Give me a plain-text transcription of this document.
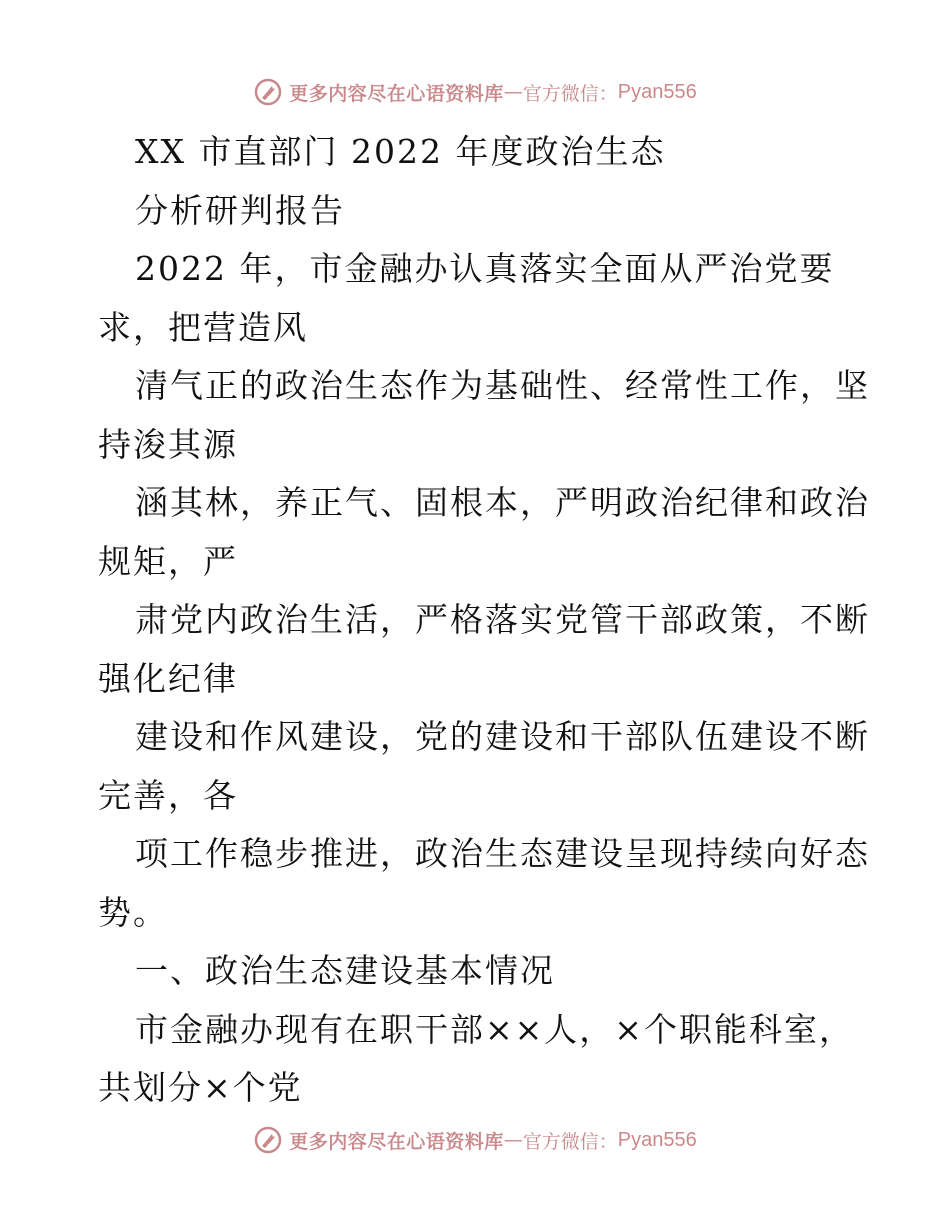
更多内容尽在心语资料库 — 官方微信： Pyan556
XX 市直部门 2022 年度政治生态
分析研判报告
2022 年，市金融办认真落实全面从严治党要
求，把营造风
清气正的政治生态作为基础性、经常性工作，坚
持浚其源
涵其林，养正气、固根本，严明政治纪律和政治
规矩，严
肃党内政治生活，严格落实党管干部政策，不断
强化纪律
建设和作风建设，党的建设和干部队伍建设不断
完善，各
项工作稳步推进，政治生态建设呈现持续向好态
势。
一、政治生态建设基本情况
市金融办现有在职干部××人，×个职能科室，
共划分×个党
更多内容尽在心语资料库 — 官方微信： Pyan556
